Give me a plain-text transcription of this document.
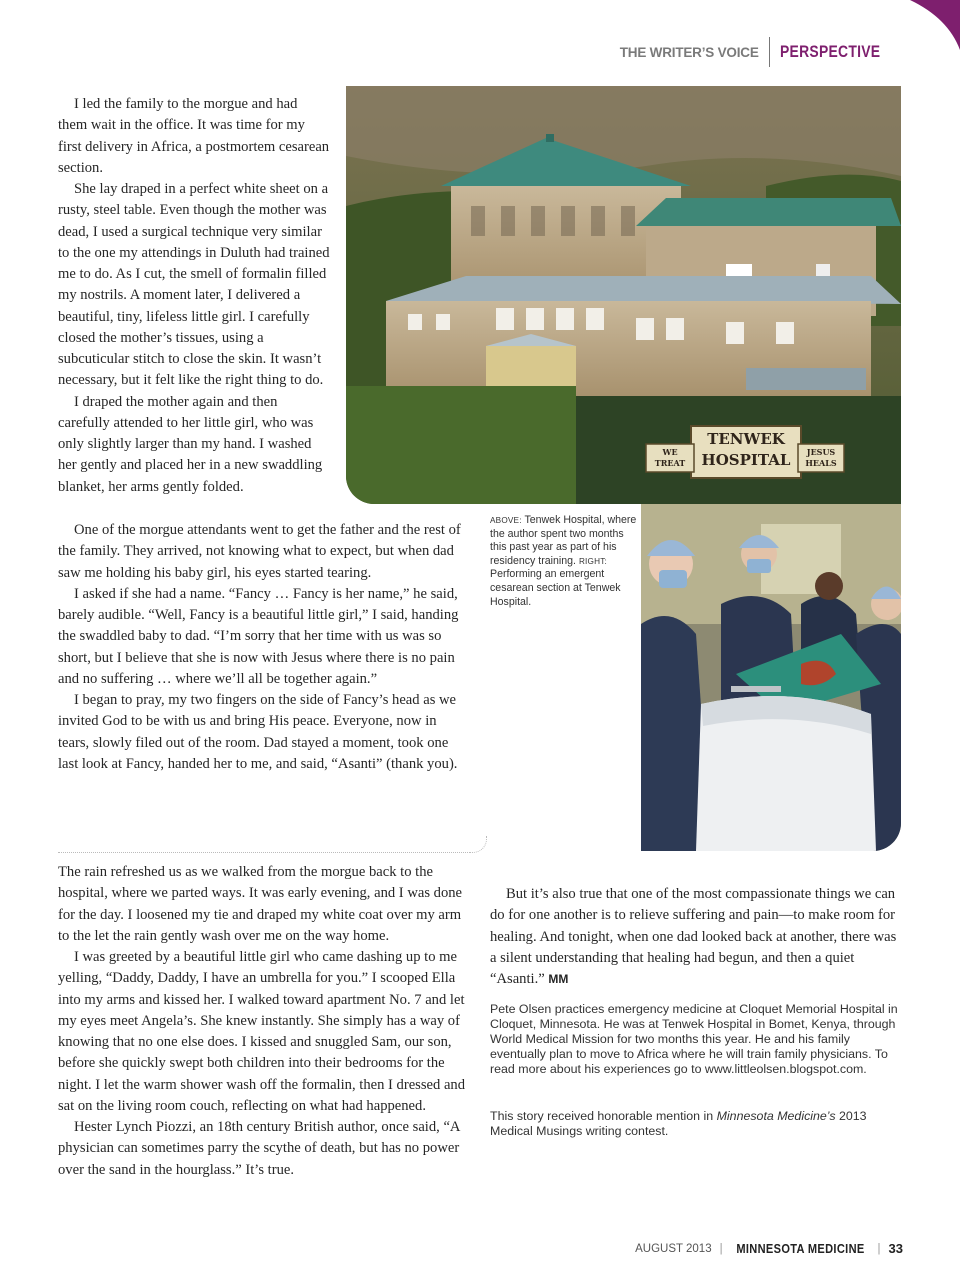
THE WRITER’S VOICE PERSPECTIVE

I led the family to the morgue and had them wait in the office. It was time for my first delivery in Africa, a postmortem cesarean section.

She lay draped in a perfect white sheet on a rusty, steel table. Even though the mother was dead, I used a surgical technique very similar to the one my attendings in Duluth had trained me to do. As I cut, the smell of formalin filled my nostrils. A moment later, I delivered a beautiful, tiny, lifeless little girl. I carefully closed the mother’s tissues, using a subcuticular stitch to close the skin. It wasn’t necessary, but it felt like the right thing to do.

I draped the mother again and then carefully attended to her little girl, who was only slightly larger than my hand. I washed her gently and placed her in a new swaddling blanket, her arms gently folded.

One of the morgue attendants went to get the father and the rest of the family. They arrived, not knowing what to expect, but when dad saw me holding his baby girl, his eyes started tearing.

I asked if she had a name. “Fancy … Fancy is her name,” he said, barely audible. “Well, Fancy is a beautiful little girl,” I said, handing the swaddled baby to dad. “I’m sorry that her time with us was so short, but I believe that she is now with Jesus where there is no pain and no suffering … where we’ll all be together again.”

I began to pray, my two fingers on the side of Fancy’s head as we invited God to be with us and bring His peace. Everyone, now in tears, slowly filed out of the room. Dad stayed a moment, took one last look at Fancy, handed her to me, and said, “Asanti” (thank you).

TENWEK
HOSPITAL
WE
TREAT
JESUS
HEALS
ABOVE: Tenwek Hospital, where the author spent two months this past year as part of his residency training. RIGHT: Performing an emergent cesarean section at Tenwek Hospital.

The rain refreshed us as we walked from the morgue back to the hospital, where we parted ways. It was early evening, and I was done for the day. I loosened my tie and draped my white coat over my arm to the let the rain gently wash over me on the way home.

I was greeted by a beautiful little girl who came dashing up to me yelling, “Daddy, Daddy, I have an umbrella for you.” I scooped Ella into my arms and kissed her. I walked toward apartment No. 7 and let my eyes meet Angela’s. She knew instantly. She simply has a way of knowing that no one else does. I kissed and snuggled Sam, our son, before she quickly swept both children into their bedrooms for the night. I let the warm shower wash off the formalin, then I dressed and sat on the living room couch, reflecting on what had happened.

Hester Lynch Piozzi, an 18th century British author, once said, “A physician can sometimes parry the scythe of death, but has no power over the sand in the hourglass.” It’s true.

But it’s also true that one of the most compassionate things we can do for one another is to relieve suffering and pain—to make room for healing. And tonight, when one dad looked back at another, there was a silent understanding that healing had begun, and then a quiet “Asanti.” MM

Pete Olsen practices emergency medicine at Cloquet Memorial Hospital in Cloquet, Minnesota. He was at Tenwek Hospital in Bomet, Kenya, through World Medical Mission for two months this year. He and his family eventually plan to move to Africa where he will train family physicians. To read more about his experiences go to www.littleolsen.blogspot.com.
This story received honorable mention in Minnesota Medicine’s 2013 Medical Musings writing contest.
AUGUST 2013 | MINNESOTA MEDICINE | 33
